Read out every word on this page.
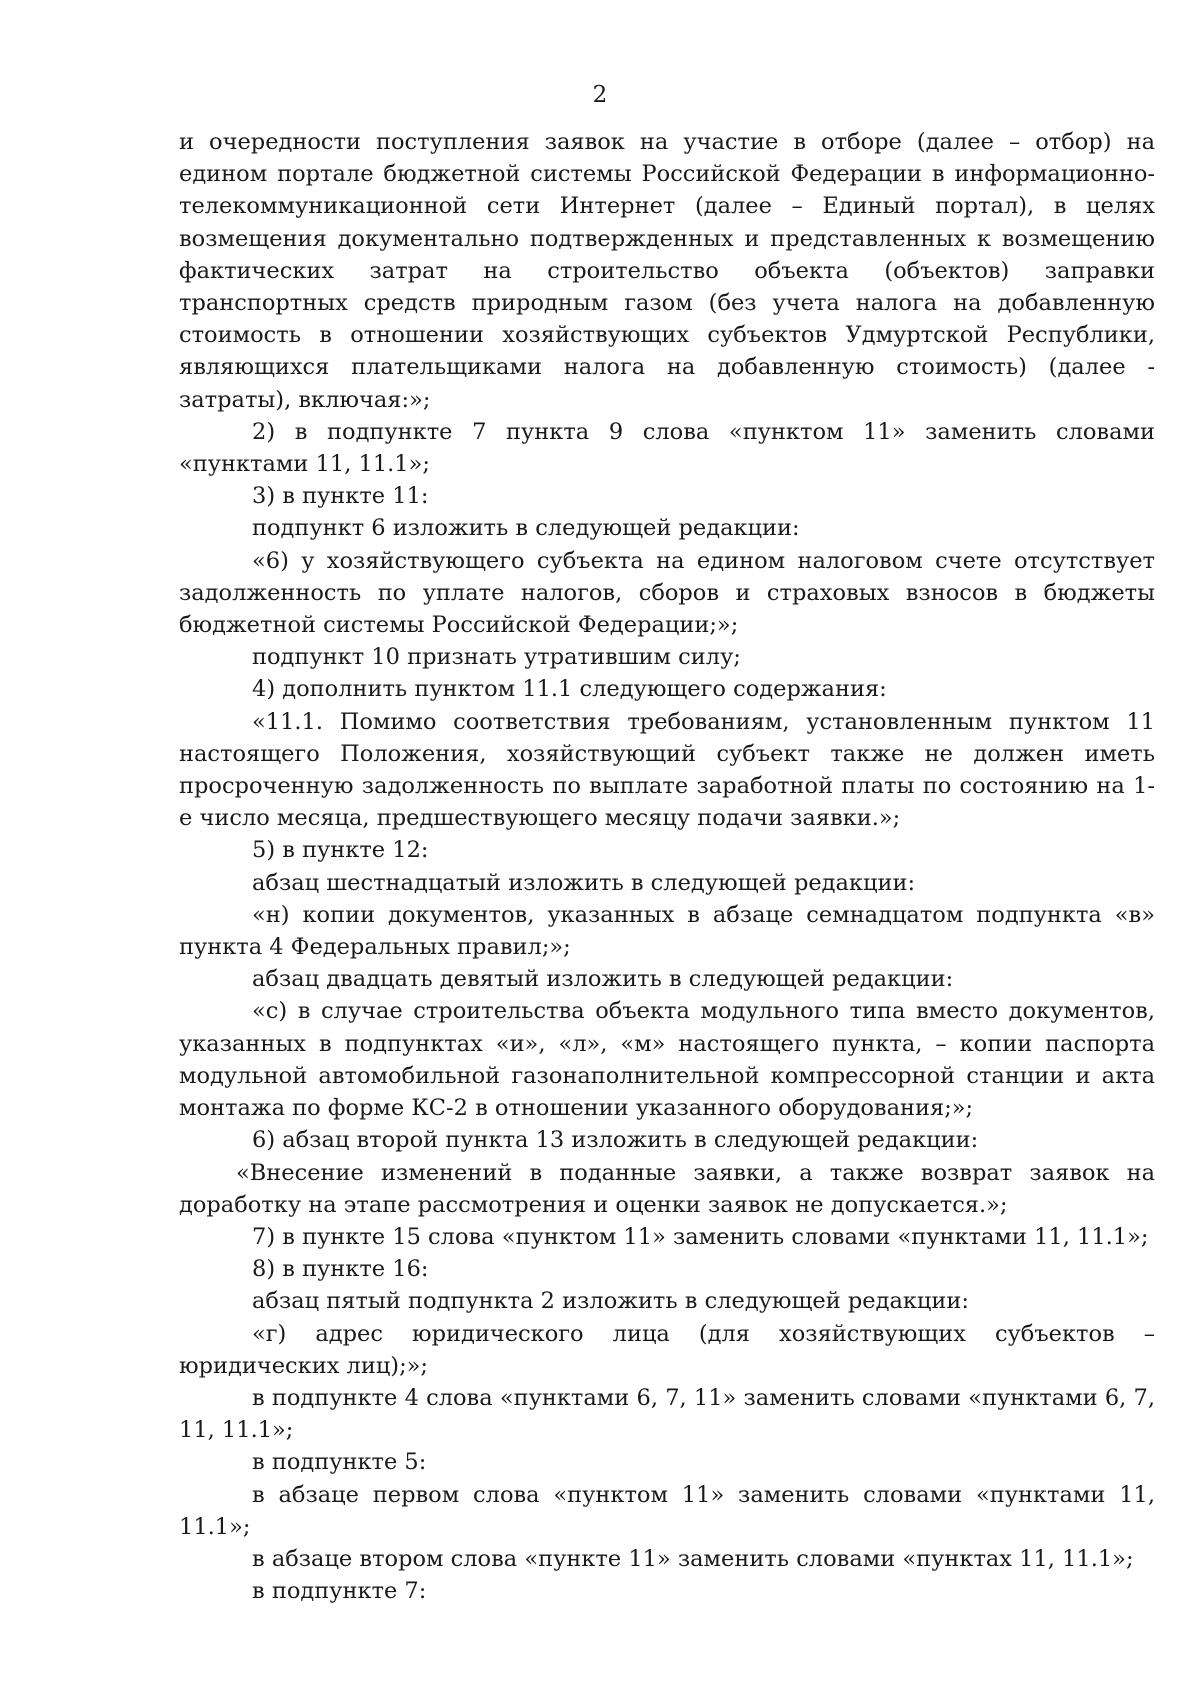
2

и очередности поступления заявок на участие в отборе (далее – отбор) на едином портале бюджетной системы Российской Федерации в информационно-телекоммуникационной сети Интернет (далее – Единый портал), в целях возмещения документально подтвержденных и представленных к возмещению фактических затрат на строительство объекта (объектов) заправки транспортных средств природным газом (без учета налога на добавленную стоимость в отношении хозяйствующих субъектов Удмуртской Республики, являющихся плательщиками налога на добавленную стоимость) (далее - затраты), включая:»;

2) в подпункте 7 пункта 9 слова «пунктом 11» заменить словами «пунктами 11, 11.1»;

3) в пункте 11:

подпункт 6 изложить в следующей редакции:

«6) у хозяйствующего субъекта на едином налоговом счете отсутствует задолженность по уплате налогов, сборов и страховых взносов в бюджеты бюджетной системы Российской Федерации;»;

подпункт 10 признать утратившим силу;

4) дополнить пунктом 11.1 следующего содержания:

«11.1. Помимо соответствия требованиям, установленным пунктом 11 настоящего Положения, хозяйствующий субъект также не должен иметь просроченную задолженность по выплате заработной платы по состоянию на 1-е число месяца, предшествующего месяцу подачи заявки.»;

5) в пункте 12:

абзац шестнадцатый изложить в следующей редакции:

«н) копии документов, указанных в абзаце семнадцатом подпункта «в» пункта 4 Федеральных правил;»;

абзац двадцать девятый изложить в следующей редакции:

«с) в случае строительства объекта модульного типа вместо документов, указанных в подпунктах «и», «л», «м» настоящего пункта, – копии паспорта модульной автомобильной газонаполнительной компрессорной станции и акта монтажа по форме КС-2 в отношении указанного оборудования;»;

6) абзац второй пункта 13 изложить в следующей редакции:

«Внесение изменений в поданные заявки, а также возврат заявок на доработку на этапе рассмотрения и оценки заявок не допускается.»;

7) в пункте 15 слова «пунктом 11» заменить словами «пунктами 11, 11.1»;

8) в пункте 16:

абзац пятый подпункта 2 изложить в следующей редакции:

«г) адрес юридического лица (для хозяйствующих субъектов – юридических лиц);»;

в подпункте 4 слова «пунктами 6, 7, 11» заменить словами «пунктами 6, 7, 11, 11.1»;

в подпункте 5:

в абзаце первом слова «пунктом 11» заменить словами «пунктами 11, 11.1»;

в абзаце втором слова «пункте 11» заменить словами «пунктах 11, 11.1»;

в подпункте 7:
